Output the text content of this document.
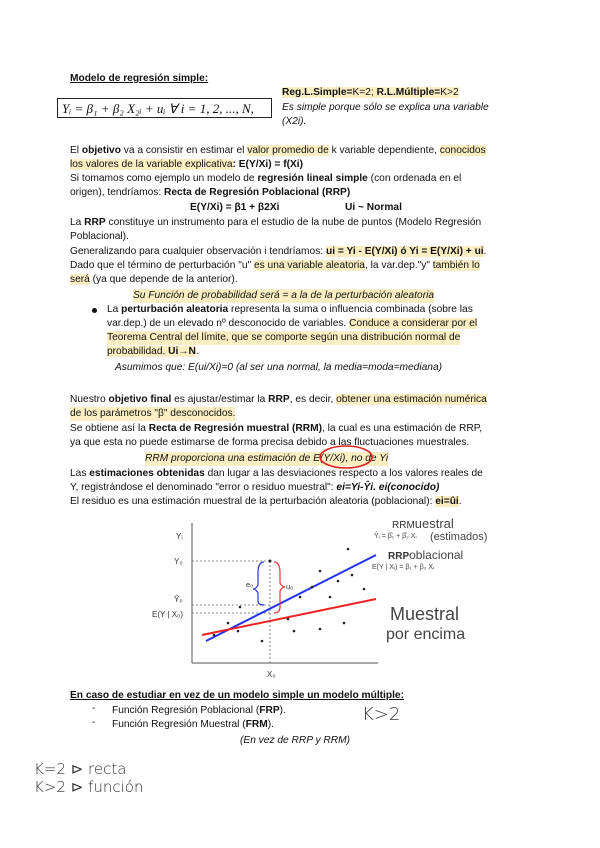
Modelo de regresión simple:
Yᵢ = β₁ + β₂ X₂ᵢ + uᵢ ∀ i = 1, 2, ..., N,
Reg.L.Simple=K=2; R.L.Múltiple=K>2
Es simple porque sólo se explica una variable
(X2i).
El objetivo va a consistir en estimar el valor promedio de k variable dependiente, conocidos
los valores de la variable explicativa: E(Y/Xi) = f(Xi)
Si tomamos como ejemplo un modelo de regresión lineal simple (con ordenada en el
origen), tendríamos: Recta de Regresión Poblacional (RRP)
E(Y/Xi) = β1 + β2Xi	Ui ~ Normal
La RRP constituye un instrumento para el estudio de la nube de puntos (Modelo Regresión
Poblacional).
Generalizando para cualquier observación i tendríamos: ui = Yi - E(Y/Xi) ó Yi = E(Y/Xi) + ui.
Dado que el término de perturbación "u" es una variable aleatoria, la var.dep."y" también lo
será (ya que depende de la anterior).
Su Función de probabilidad será = a la de la perturbación aleatoria
La perturbación aleatoria representa la suma o influencia combinada (sobre las
var.dep.) de un elevado nº desconocido de variables. Conduce a considerar por el
Teorema Central del límite, que se comporte según una distribución normal de
probabilidad. Ui→N.
Asumimos que: E(ui/Xi)=0 (al ser una normal, la media=moda=mediana)
Nuestro objetivo final es ajustar/estimar la RRP, es decir, obtener una estimación numérica
de los parámetros "β" desconocidos.
Se obtiene así la Recta de Regresión muestral (RRM), la cual es una estimación de RRP,
ya que esta no puede estimarse de forma precisa debido a las fluctuaciones muestrales.
RRM proporciona una estimación de E(Y/Xi), no de Yi
Las estimaciones obtenidas dan lugar a las desviaciones respecto a los valores reales de
Y, registrándose el denominado "error o residuo muestral": ei=Yi-Ŷi. ei(conocido)
El residuo es una estimación muestral de la perturbación aleatoria (poblacional): ei=ûi.
Yᵢ
Y₀
Ŷ₀
E(Y | X₀)
X₀
e₀	u₀
RRMuestral
Ŷᵢ = β̂₁ + β̂₂ Xᵢ (estimados)
RRPoblacional
E(Y | Xᵢ) = β₁ + β₂ Xᵢ
Muestral
por encima
En caso de estudiar en vez de un modelo simple un modelo múltiple:
- Función Regresión Poblacional (FRP).
- Función Regresión Muestral (FRM).
(En vez de RRP y RRM)
K>2
K=2 ⊳ recta
K>2 ⊳ función
